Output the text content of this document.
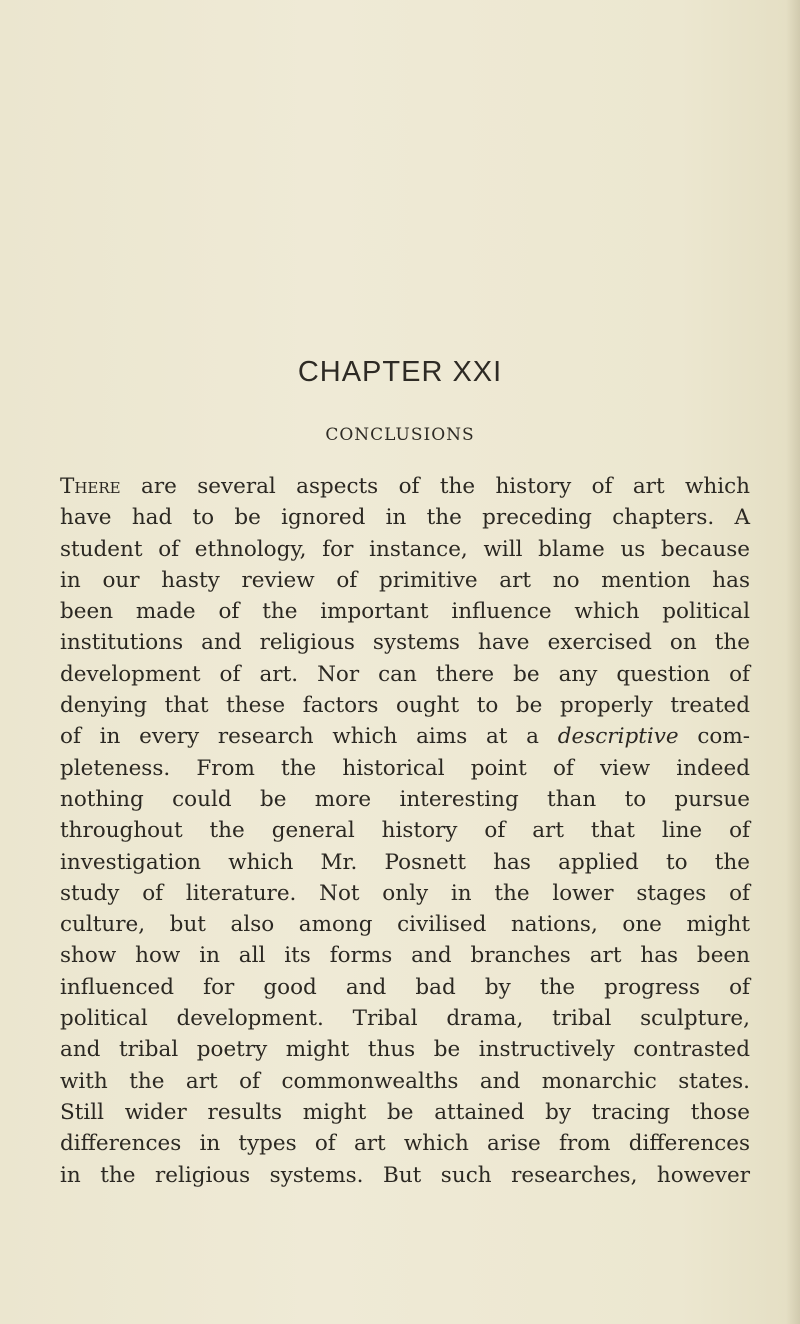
CHAPTER XXI
CONCLUSIONS
There are several aspects of the history of art which
have had to be ignored in the preceding chapters. A
student of ethnology, for instance, will blame us because
in our hasty review of primitive art no mention has
been made of the important influence which political
institutions and religious systems have exercised on the
development of art. Nor can there be any question of
denying that these factors ought to be properly treated
of in every research which aims at a descriptive com-
pleteness. From the historical point of view indeed
nothing could be more interesting than to pursue
throughout the general history of art that line of
investigation which Mr. Posnett has applied to the
study of literature. Not only in the lower stages of
culture, but also among civilised nations, one might
show how in all its forms and branches art has been
influenced for good and bad by the progress of
political development. Tribal drama, tribal sculpture,
and tribal poetry might thus be instructively contrasted
with the art of commonwealths and monarchic states.
Still wider results might be attained by tracing those
differences in types of art which arise from differences
in the religious systems. But such researches, however
